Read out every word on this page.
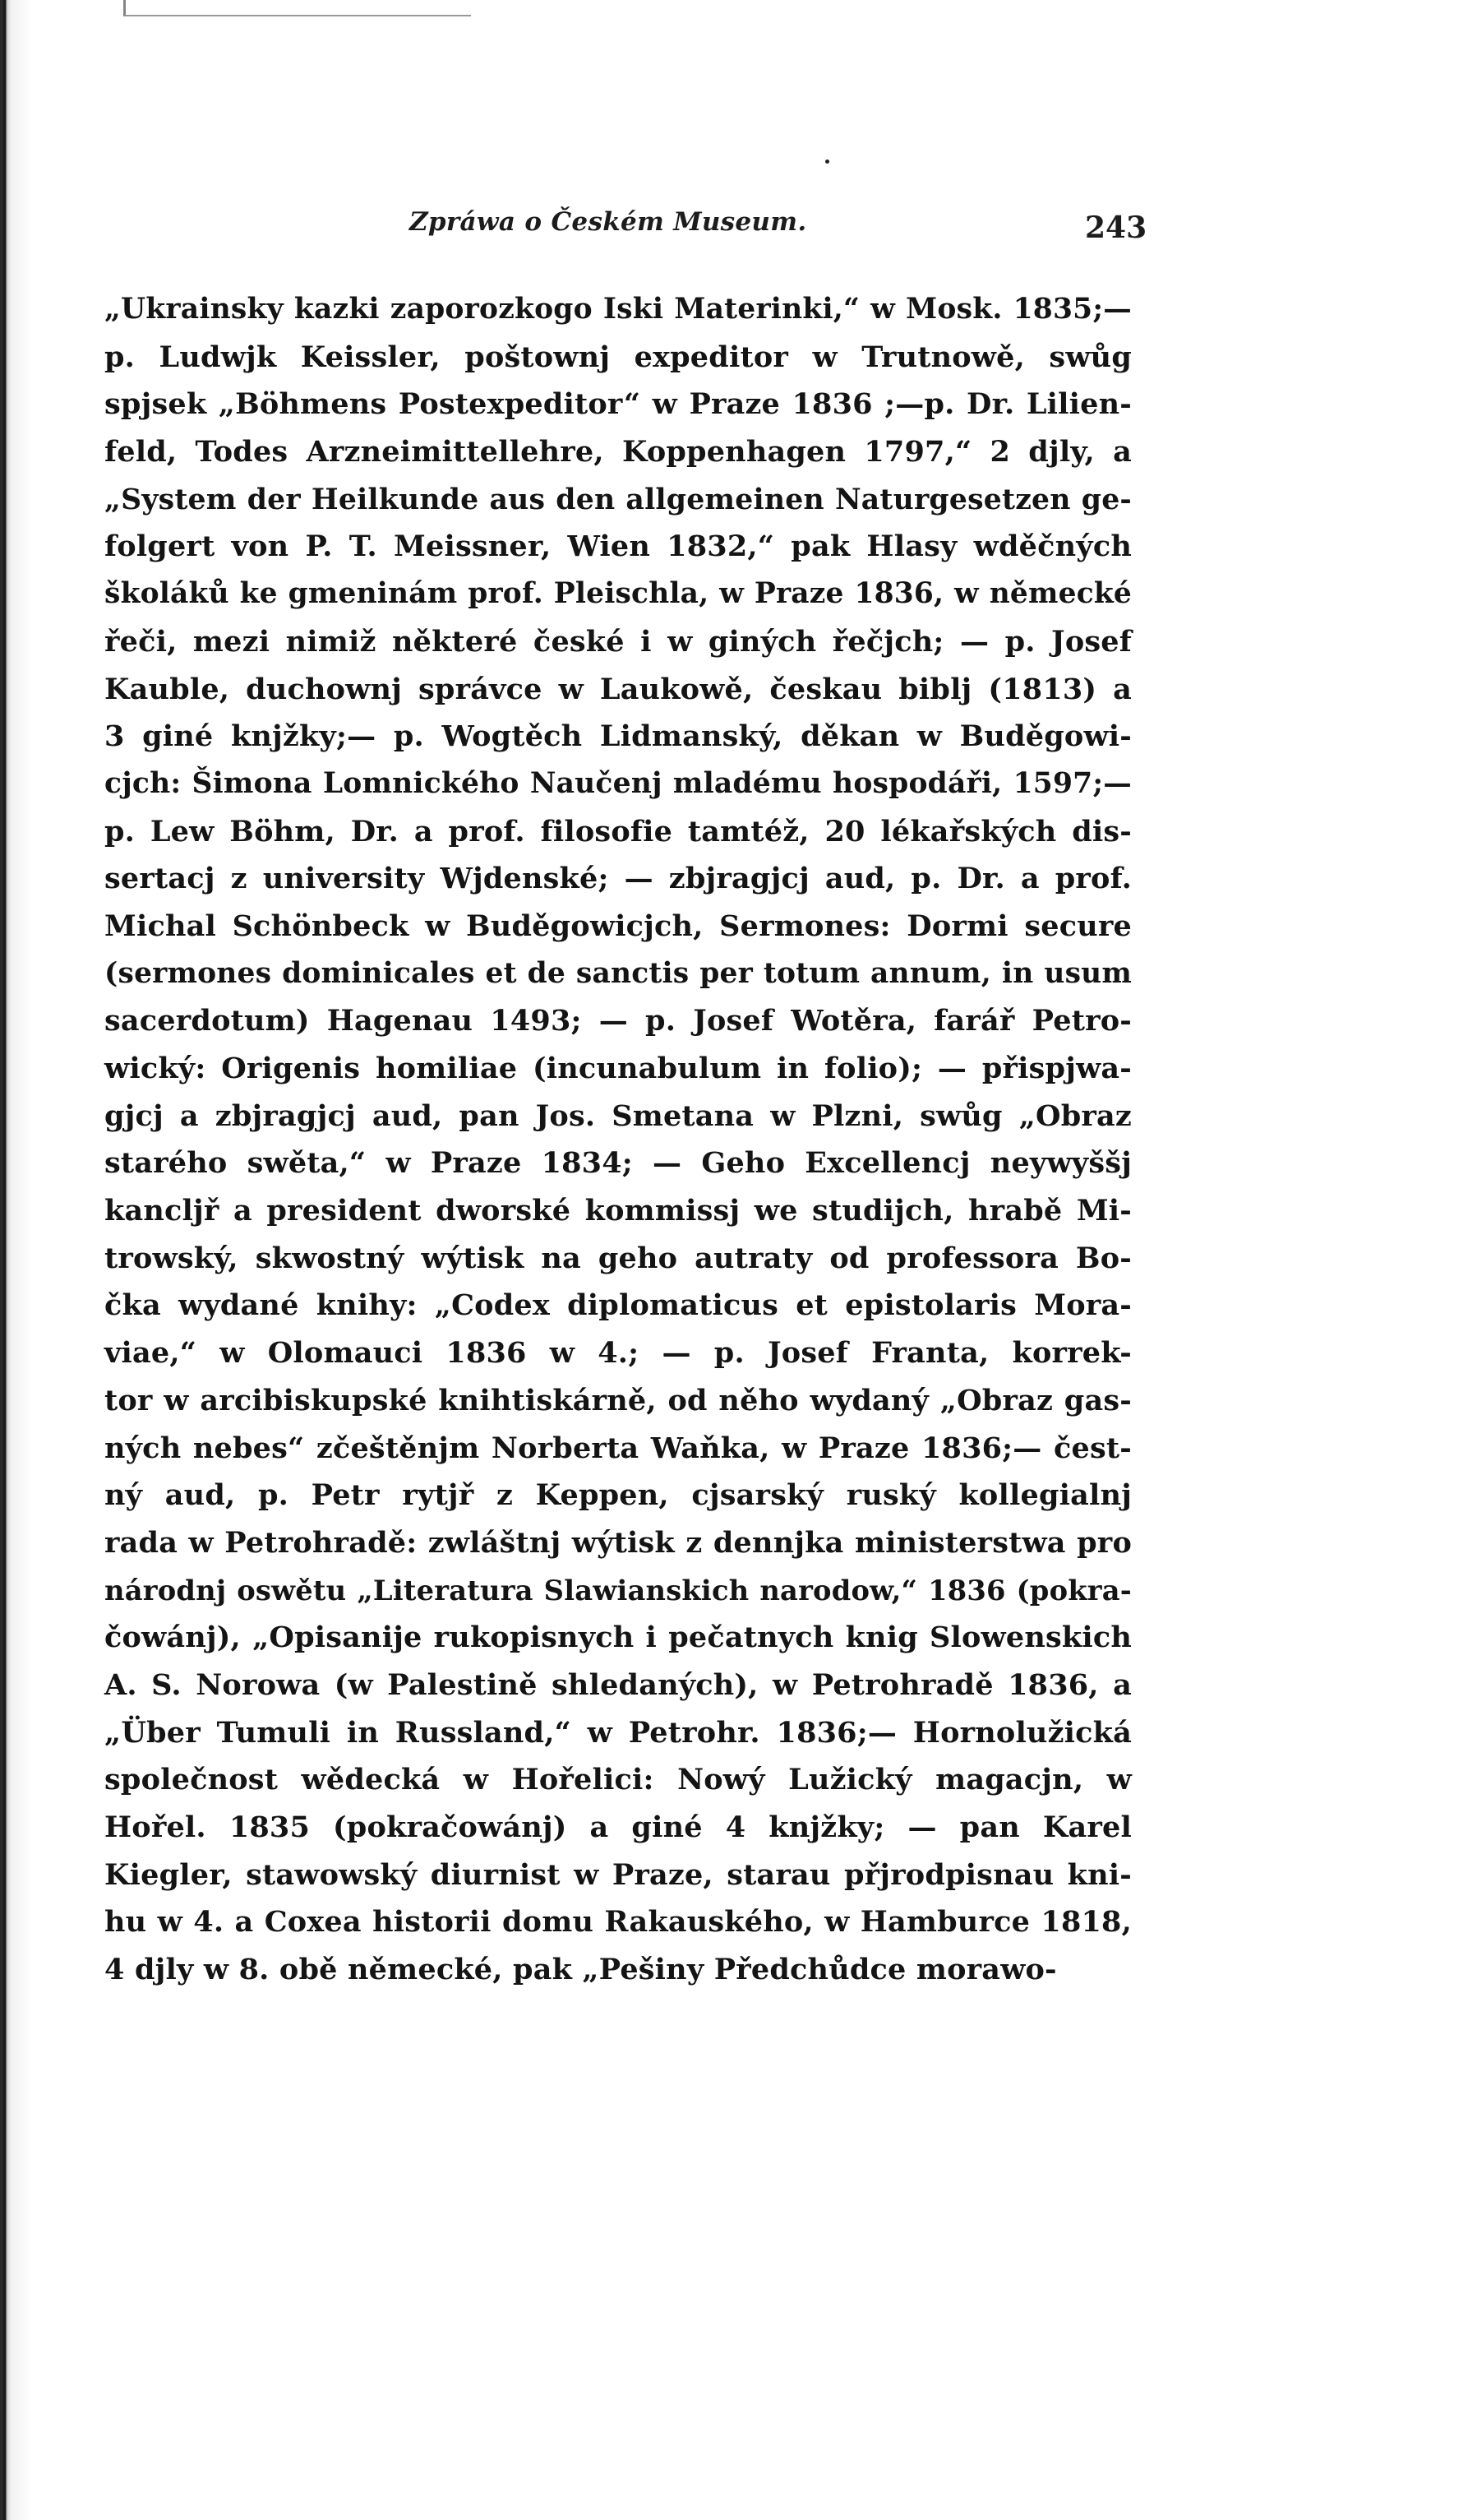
Zpráwa o Českém Museum.	243
„Ukrainsky kazki zaporozkogo Iski Materinki,“ w Mosk. 1835;—
p. Ludwjk Keissler, poštownj expeditor w Trutnowě, swůg
spjsek „Böhmens Postexpeditor“ w Praze 1836 ;—p. Dr. Lilien-
feld, Todes Arzneimittellehre, Koppenhagen 1797,“ 2 djly, a
„System der Heilkunde aus den allgemeinen Naturgesetzen ge-
folgert von P. T. Meissner, Wien 1832,“ pak Hlasy wděčných
školáků ke gmeninám prof. Pleischla, w Praze 1836, w německé
řeči, mezi nimiž některé české i w giných řečjch; — p. Josef
Kauble, duchownj správce w Laukowě, českau biblj (1813) a
3 giné knjžky;— p. Wogtěch Lidmanský, děkan w Buděgowi-
cjch: Šimona Lomnického Naučenj mladému hospodáři, 1597;—
p. Lew Böhm, Dr. a prof. filosofie tamtéž, 20 lékařských dis-
sertacj z university Wjdenské; — zbjragjcj aud, p. Dr. a prof.
Michal Schönbeck w Buděgowicjch, Sermones: Dormi secure
(sermones dominicales et de sanctis per totum annum, in usum
sacerdotum) Hagenau 1493; — p. Josef Wotěra, farář Petro-
wický: Origenis homiliae (incunabulum in folio); — přispjwa-
gjcj a zbjragjcj aud, pan Jos. Smetana w Plzni, swůg „Obraz
starého swěta,“ w Praze 1834; — Geho Excellencj neywyššj
kancljř a president dworské kommissj we studijch, hrabě Mi-
trowský, skwostný wýtisk na geho autraty od professora Bo-
čka wydané knihy: „Codex diplomaticus et epistolaris Mora-
viae,“ w Olomauci 1836 w 4.; — p. Josef Franta, korrek-
tor w arcibiskupské knihtiskárně, od něho wydaný „Obraz gas-
ných nebes“ zčeštěnjm Norberta Waňka, w Praze 1836;— čest-
ný aud, p. Petr rytjř z Keppen, cjsarský ruský kollegialnj
rada w Petrohradě: zwláštnj wýtisk z dennjka ministerstwa pro
národnj oswětu „Literatura Slawianskich narodow,“ 1836 (pokra-
čowánj), „Opisanije rukopisnych i pečatnych knig Slowenskich
A. S. Norowa (w Palestině shledaných), w Petrohradě 1836, a
„Über Tumuli in Russland,“ w Petrohr. 1836;— Hornolužická
společnost wědecká w Hořelici: Nowý Lužický magacjn, w
Hořel. 1835 (pokračowánj) a giné 4 knjžky; — pan Karel
Kiegler, stawowský diurnist w Praze, starau přjrodpisnau kni-
hu w 4. a Coxea historii domu Rakauského, w Hamburce 1818,
4 djly w 8. obě německé, pak „Pešiny Předchůdce morawo-
